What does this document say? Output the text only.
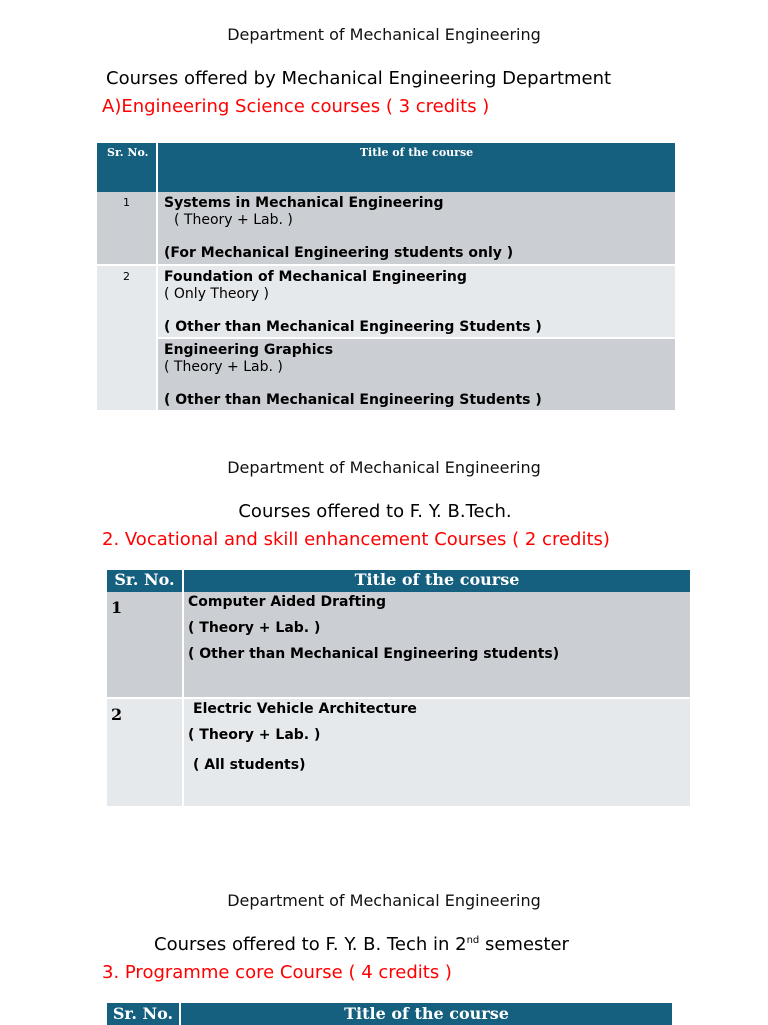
Department of Mechanical Engineering
Courses offered by Mechanical Engineering Department
A)Engineering Science courses ( 3 credits )
Sr. No.	Title of the course
1	Systems in Mechanical Engineering
( Theory + Lab. )
(For Mechanical Engineering students only )

2	Foundation of Mechanical Engineering
( Only Theory )
( Other than Mechanical Engineering Students )

	Engineering Graphics
( Theory + Lab. )
( Other than Mechanical Engineering Students )
Department of Mechanical Engineering
Courses offered to F. Y. B.Tech.
2. Vocational and skill enhancement Courses ( 2 credits)
Sr. No.	Title of the course
1	Computer Aided Drafting
( Theory + Lab. )
( Other than Mechanical Engineering students)

2	Electric Vehicle Architecture
( Theory + Lab. )
( All students)
Department of Mechanical Engineering
Courses offered to F. Y. B. Tech in 2nd semester
3. Programme core Course ( 4 credits )
Sr. No.	Title of the course
